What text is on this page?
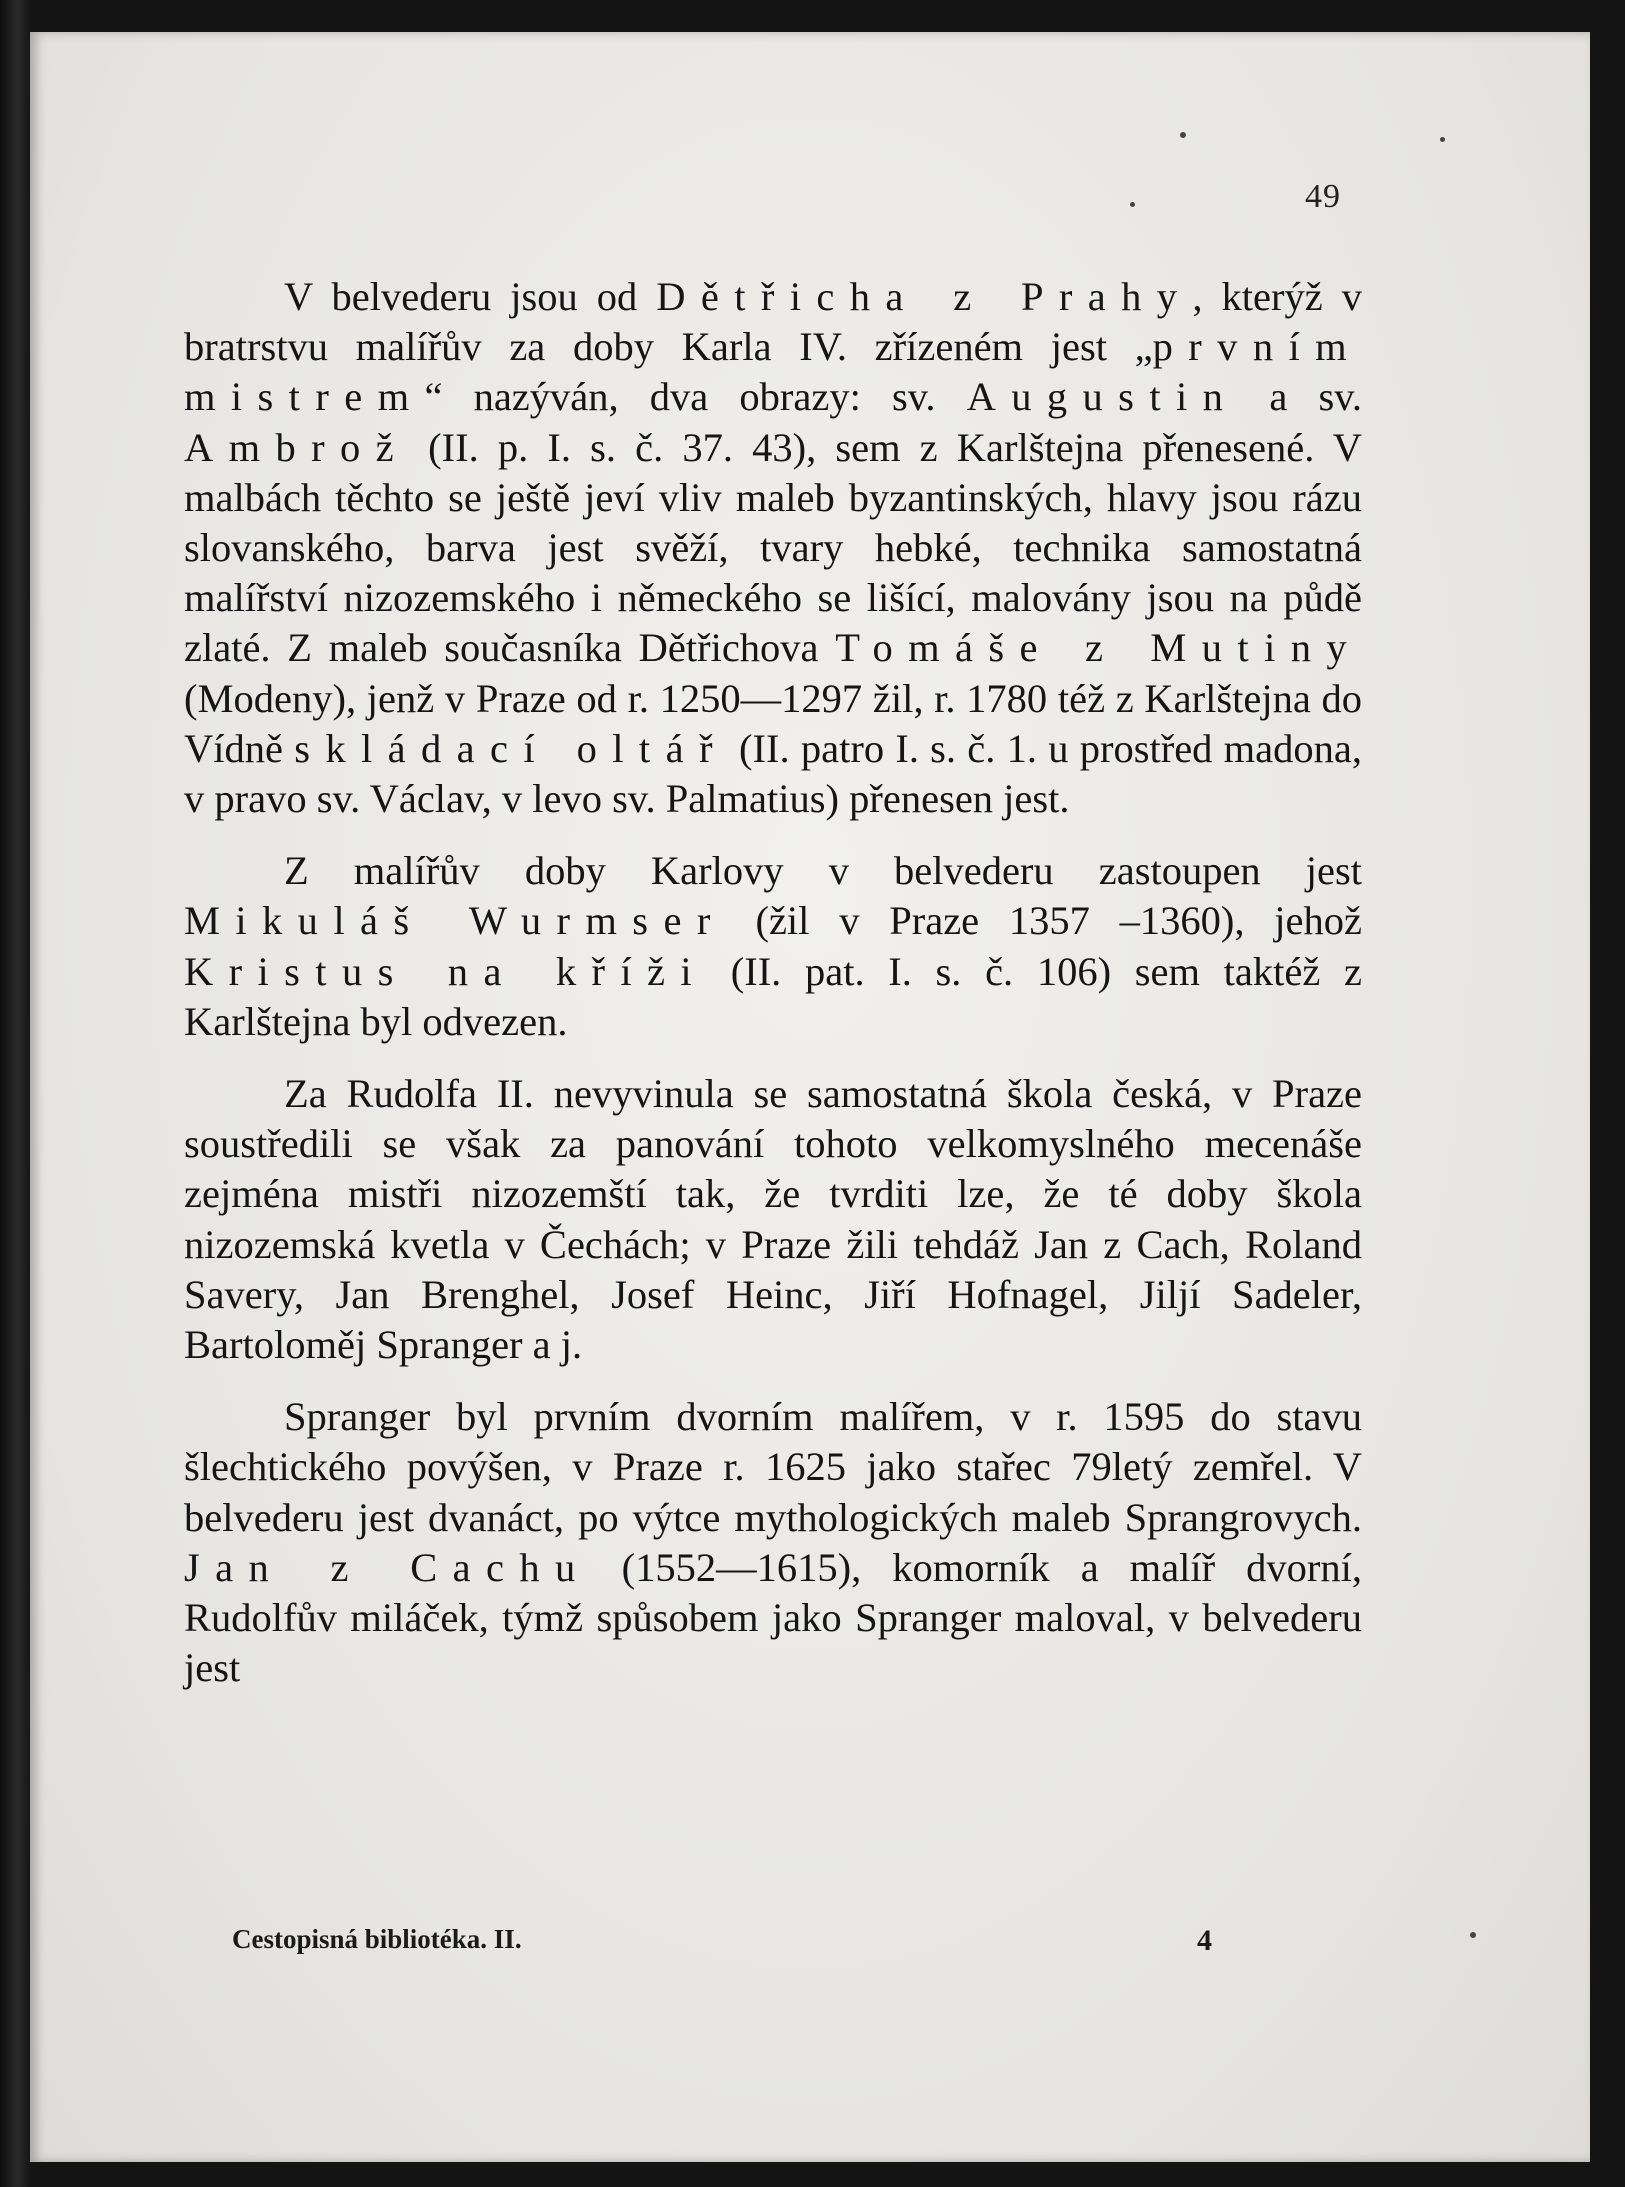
49

V belvederu jsou od Dětřicha z Prahy, kterýž v bratrstvu malířův za doby Karla IV. zřízeném jest „prvním mistrem“ nazýván, dva obrazy: sv. Augustin a sv. Ambrož (II. p. I. s. č. 37. 43), sem z Karlštejna přenesené. V malbách těchto se ještě jeví vliv maleb byzantinských, hlavy jsou rázu slovanského, barva jest svěží, tvary hebké, technika samostatná malířství nizozemského i německého se lišící, malovány jsou na půdě zlaté. Z maleb současníka Dětřichova Tomáše z Mutiny (Modeny), jenž v Praze od r. 1250—1297 žil, r. 1780 též z Karlštejna do Vídně skládací oltář (II. patro I. s. č. 1. u prostřed madona, v pravo sv. Václav, v levo sv. Palmatius) přenesen jest.

Z malířův doby Karlovy v belvederu zastoupen jest Mikuláš Wurmser (žil v Praze 1357 –1360), jehož Kristus na kříži (II. pat. I. s. č. 106) sem taktéž z Karlštejna byl odvezen.

Za Rudolfa II. nevyvinula se samostatná škola česká, v Praze soustředili se však za panování tohoto velkomyslného mecenáše zejména mistři nizozemští tak, že tvrditi lze, že té doby škola nizozemská kvetla v Čechách; v Praze žili tehdáž Jan z Cach, Roland Savery, Jan Brenghel, Josef Heinc, Jiří Hofnagel, Jiljí Sadeler, Bartoloměj Spranger a j.

Spranger byl prvním dvorním malířem, v r. 1595 do stavu šlechtického povýšen, v Praze r. 1625 jako stařec 79letý zemřel. V belvederu jest dvanáct, po výtce mythologických maleb Sprangrovych. Jan z Cachu (1552—1615), komorník a malíř dvorní, Rudolfův miláček, týmž spůsobem jako Spranger maloval, v belvederu jest

Cestopisná bibliotéka. II.	4
